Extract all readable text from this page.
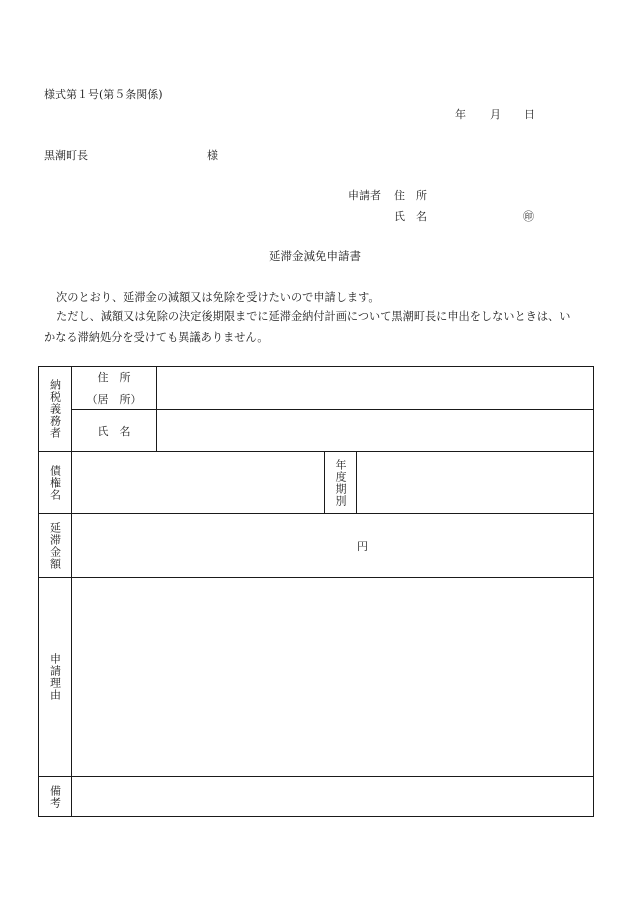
様式第１号(第５条関係)
年 月 日
黒潮町長	様
申請者 住　所
氏　名	㊞
延滞金減免申請書
次のとおり、延滞金の減額又は免除を受けたいので申請します。
ただし、減額又は免除の決定後期限までに延滞金納付計画について黒潮町長に申出をしないときは、い
かなる滞納処分を受けても異議ありません。
納税義務者	住　所
（居　所）			

	氏　名			

債権名			年度期別	

延滞金額	円			

申請理由				

備考				
